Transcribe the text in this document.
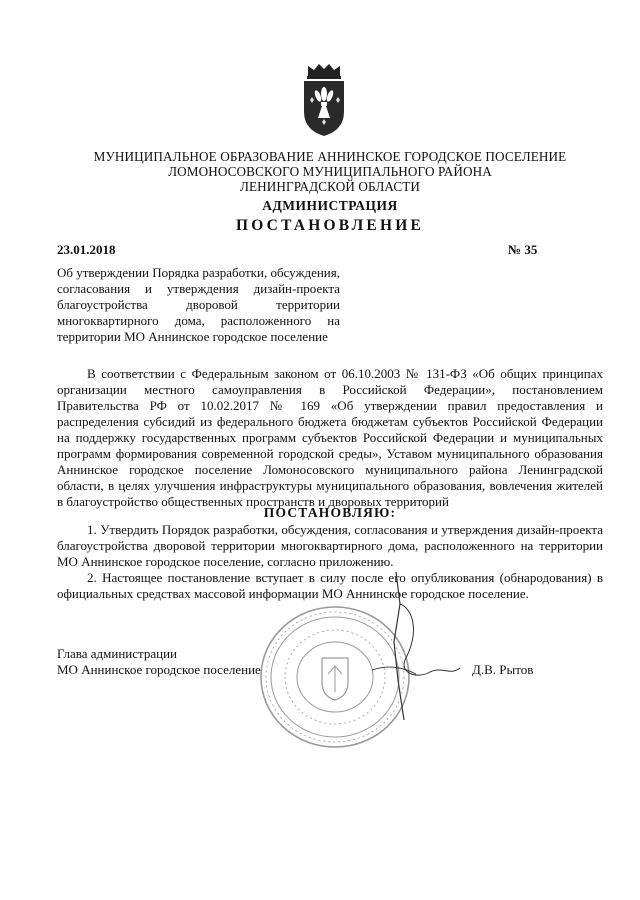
МУНИЦИПАЛЬНОЕ ОБРАЗОВАНИЕ АННИНСКОЕ ГОРОДСКОЕ ПОСЕЛЕНИЕ
ЛОМОНОСОВСКОГО МУНИЦИПАЛЬНОГО РАЙОНА
ЛЕНИНГРАДСКОЙ ОБЛАСТИ
АДМИНИСТРАЦИЯ
ПОСТАНОВЛЕНИЕ
23.01.2018	№ 35
Об утверждении Порядка разработки, обсуждения, согласования и утверждения дизайн-проекта благоустройства дворовой территории многоквартирного дома, расположенного на территории МО Аннинское городское поселение

В соответствии с Федеральным законом от 06.10.2003 № 131-ФЗ «Об общих принципах организации местного самоуправления в Российской Федерации», постановлением Правительства РФ от 10.02.2017 № 169 «Об утверждении правил предоставления и распределения субсидий из федерального бюджета бюджетам субъектов Российской Федерации на поддержку государственных программ субъектов Российской Федерации и муниципальных программ формирования современной городской среды», Уставом муниципального образования Аннинское городское поселение Ломоносовского муниципального района Ленинградской области, в целях улучшения инфраструктуры муниципального образования, вовлечения жителей в благоустройство общественных пространств и дворовых территорий

ПОСТАНОВЛЯЮ:

1. Утвердить Порядок разработки, обсуждения, согласования и утверждения дизайн-проекта благоустройства дворовой территории многоквартирного дома, расположенного на территории МО Аннинское городское поселение, согласно приложению.

2. Настоящее постановление вступает в силу после его опубликования (обнародования) в официальных средствах массовой информации МО Аннинское городское поселение.

Глава администрации
МО Аннинское городское поселение	Д.В. Рытов
